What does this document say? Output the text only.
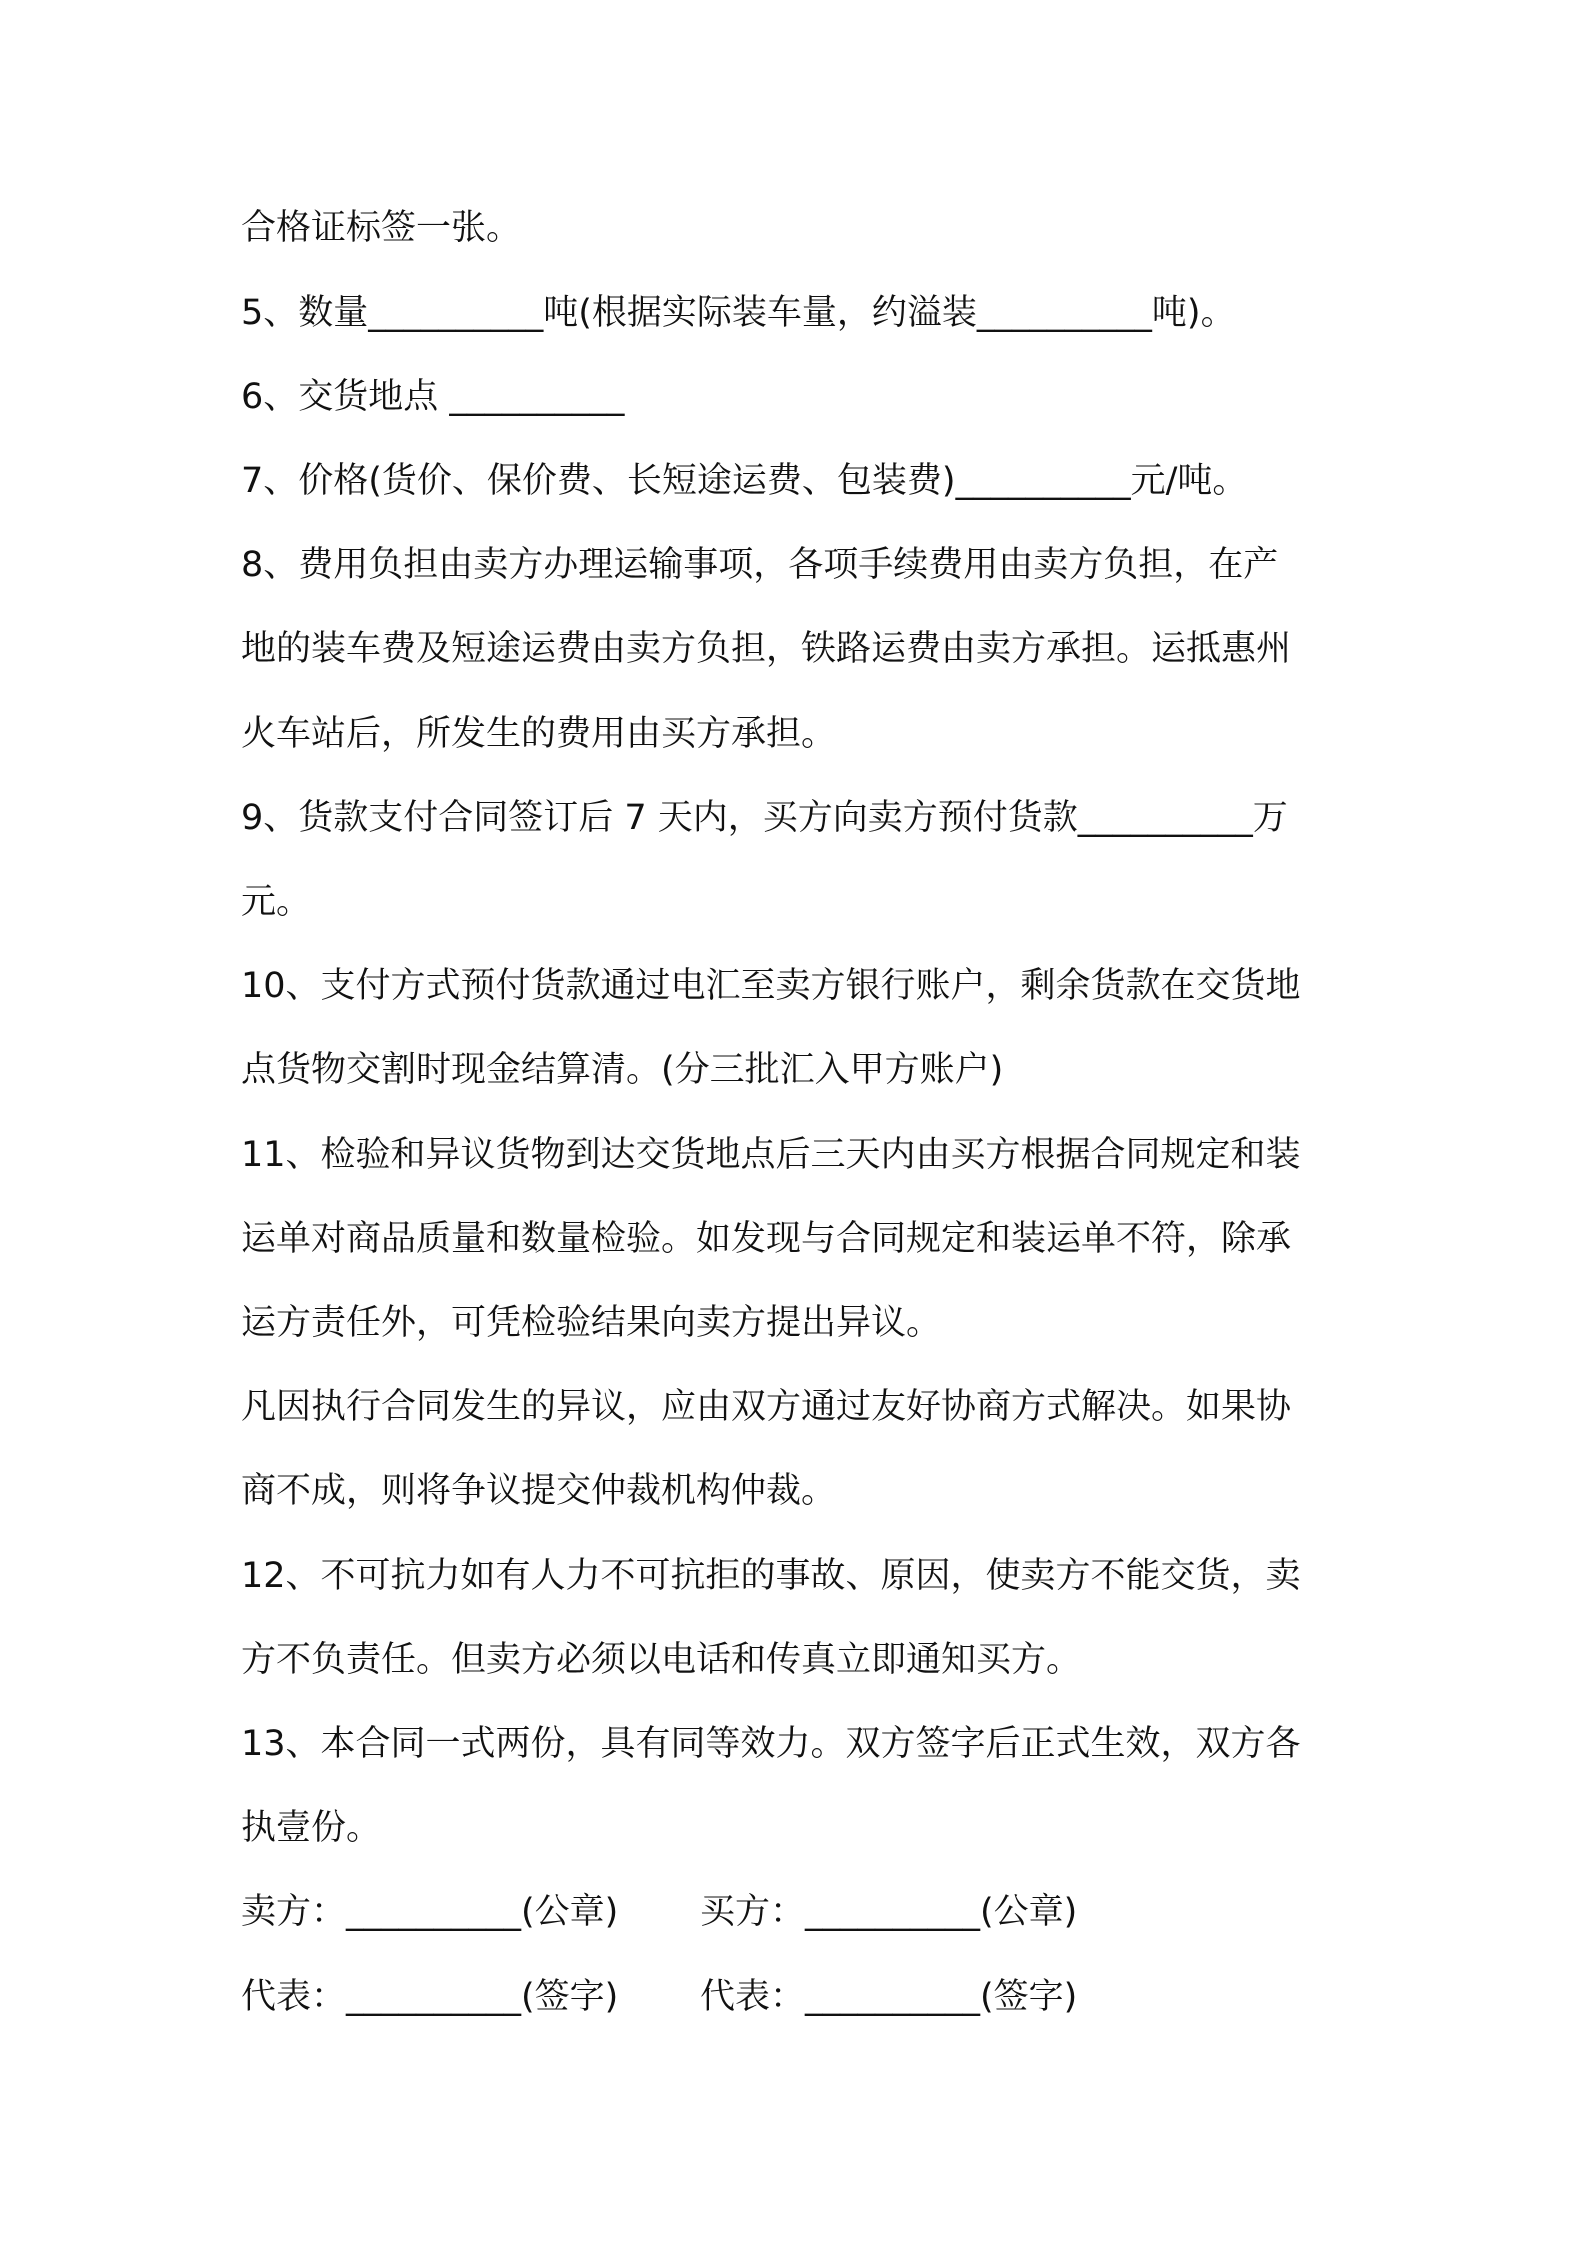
合格证标签一张。
5、数量__________吨(根据实际装车量，约溢装__________吨)。
6、交货地点 __________
7、价格(货价、保价费、长短途运费、包装费)__________元/吨。
8、费用负担由卖方办理运输事项，各项手续费用由卖方负担，在产
地的装车费及短途运费由卖方负担，铁路运费由卖方承担。运抵惠州
火车站后，所发生的费用由买方承担。
9、货款支付合同签订后 7 天内，买方向卖方预付货款__________万
元。
10、支付方式预付货款通过电汇至卖方银行账户，剩余货款在交货地
点货物交割时现金结算清。(分三批汇入甲方账户)
11、检验和异议货物到达交货地点后三天内由买方根据合同规定和装
运单对商品质量和数量检验。如发现与合同规定和装运单不符，除承
运方责任外，可凭检验结果向卖方提出异议。
凡因执行合同发生的异议，应由双方通过友好协商方式解决。如果协
商不成，则将争议提交仲裁机构仲裁。
12、不可抗力如有人力不可抗拒的事故、原因，使卖方不能交货，卖
方不负责任。但卖方必须以电话和传真立即通知买方。
13、本合同一式两份，具有同等效力。双方签字后正式生效，双方各
执壹份。
卖方：__________(公章) 买方：__________(公章)
代表：__________(签字) 代表：__________(签字)
